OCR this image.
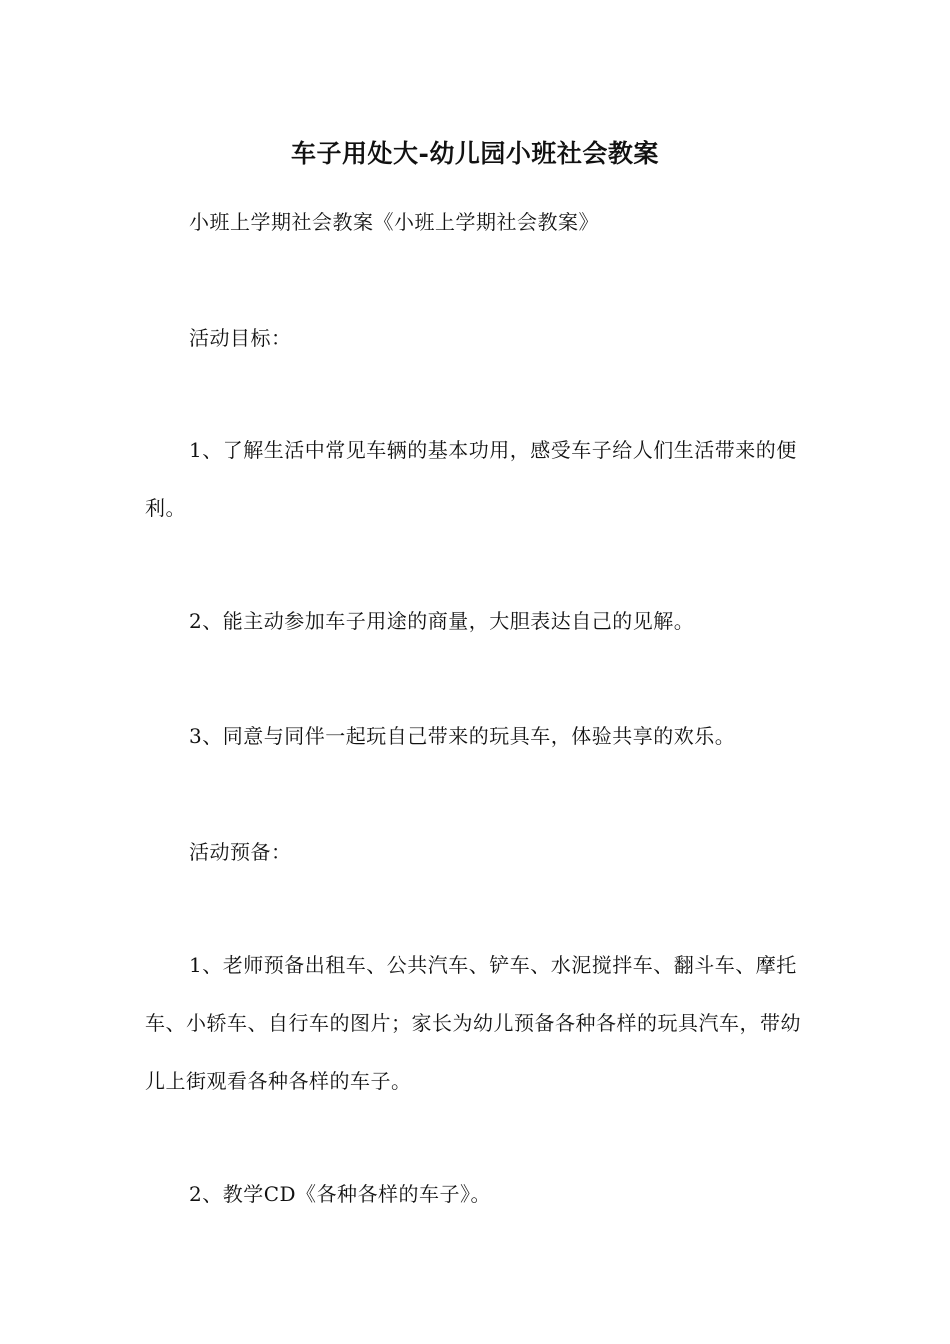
车子用处大-幼儿园小班社会教案

小班上学期社会教案《小班上学期社会教案》

活动目标：

1、了解生活中常见车辆的基本功用，感受车子给人们生活带来的便利。

2、能主动参加车子用途的商量，大胆表达自己的见解。

3、同意与同伴一起玩自己带来的玩具车，体验共享的欢乐。

活动预备：

1、老师预备出租车、公共汽车、铲车、水泥搅拌车、翻斗车、摩托车、小轿车、自行车的图片；家长为幼儿预备各种各样的玩具汽车，带幼儿上街观看各种各样的车子。

2、教学CD《各种各样的车子》。
